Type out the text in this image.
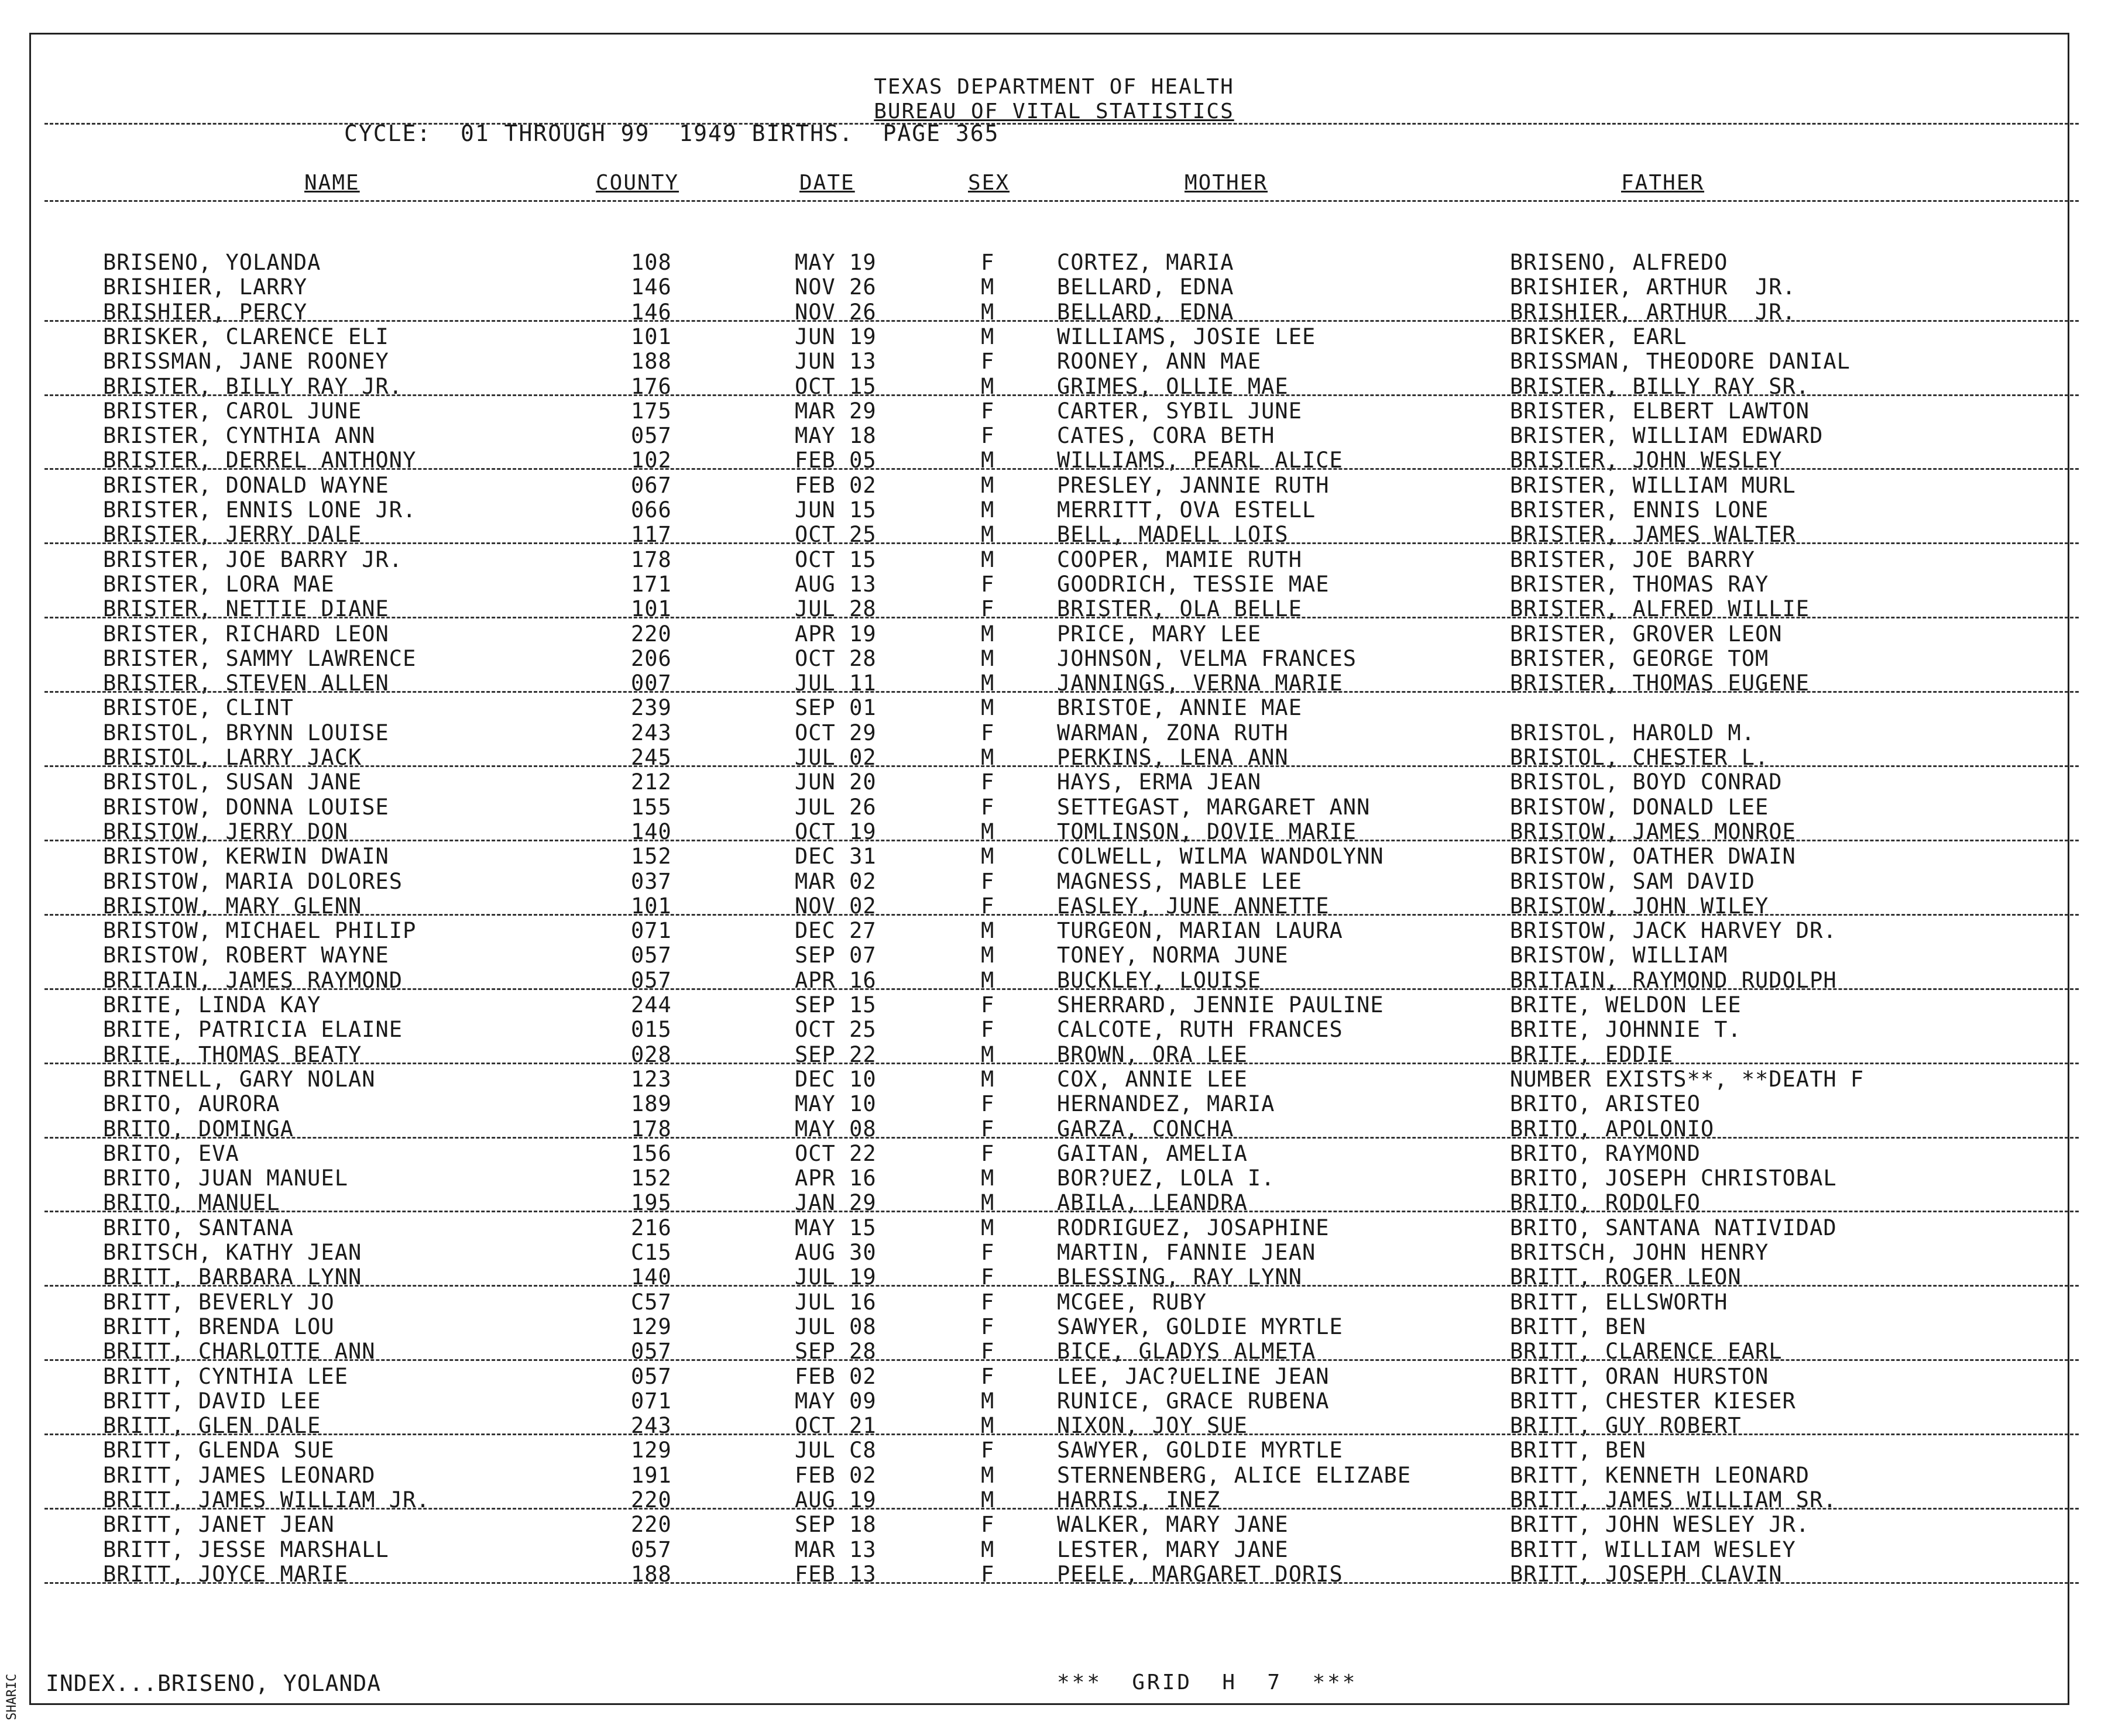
SHARIC
TEXAS DEPARTMENT OF HEALTH
BUREAU OF VITAL STATISTICS
CYCLE:  01 THROUGH 99  1949 BIRTHS.  PAGE 365
NAME	COUNTY	DATE	SEX	MOTHER	FATHER
BRISENO, YOLANDA	108	MAY 19	F	CORTEZ, MARIA	BRISENO, ALFREDO
BRISHIER, LARRY	146	NOV 26	M	BELLARD, EDNA	BRISHIER, ARTHUR  JR.
BRISHIER, PERCY	146	NOV 26	M	BELLARD, EDNA	BRISHIER, ARTHUR  JR.
BRISKER, CLARENCE ELI	101	JUN 19	M	WILLIAMS, JOSIE LEE	BRISKER, EARL
BRISSMAN, JANE ROONEY	188	JUN 13	F	ROONEY, ANN MAE	BRISSMAN, THEODORE DANIAL
BRISTER, BILLY RAY JR.	176	OCT 15	M	GRIMES, OLLIE MAE	BRISTER, BILLY RAY SR.
BRISTER, CAROL JUNE	175	MAR 29	F	CARTER, SYBIL JUNE	BRISTER, ELBERT LAWTON
BRISTER, CYNTHIA ANN	057	MAY 18	F	CATES, CORA BETH	BRISTER, WILLIAM EDWARD
BRISTER, DERREL ANTHONY	102	FEB 05	M	WILLIAMS, PEARL ALICE	BRISTER, JOHN WESLEY
BRISTER, DONALD WAYNE	067	FEB 02	M	PRESLEY, JANNIE RUTH	BRISTER, WILLIAM MURL
BRISTER, ENNIS LONE JR.	066	JUN 15	M	MERRITT, OVA ESTELL	BRISTER, ENNIS LONE
BRISTER, JERRY DALE	117	OCT 25	M	BELL, MADELL LOIS	BRISTER, JAMES WALTER
BRISTER, JOE BARRY JR.	178	OCT 15	M	COOPER, MAMIE RUTH	BRISTER, JOE BARRY
BRISTER, LORA MAE	171	AUG 13	F	GOODRICH, TESSIE MAE	BRISTER, THOMAS RAY
BRISTER, NETTIE DIANE	101	JUL 28	F	BRISTER, OLA BELLE	BRISTER, ALFRED WILLIE
BRISTER, RICHARD LEON	220	APR 19	M	PRICE, MARY LEE	BRISTER, GROVER LEON
BRISTER, SAMMY LAWRENCE	206	OCT 28	M	JOHNSON, VELMA FRANCES	BRISTER, GEORGE TOM
BRISTER, STEVEN ALLEN	007	JUL 11	M	JANNINGS, VERNA MARIE	BRISTER, THOMAS EUGENE
BRISTOE, CLINT	239	SEP 01	M	BRISTOE, ANNIE MAE
BRISTOL, BRYNN LOUISE	243	OCT 29	F	WARMAN, ZONA RUTH	BRISTOL, HAROLD M.
BRISTOL, LARRY JACK	245	JUL 02	M	PERKINS, LENA ANN	BRISTOL, CHESTER L.
BRISTOL, SUSAN JANE	212	JUN 20	F	HAYS, ERMA JEAN	BRISTOL, BOYD CONRAD
BRISTOW, DONNA LOUISE	155	JUL 26	F	SETTEGAST, MARGARET ANN	BRISTOW, DONALD LEE
BRISTOW, JERRY DON	140	OCT 19	M	TOMLINSON, DOVIE MARIE	BRISTOW, JAMES MONROE
BRISTOW, KERWIN DWAIN	152	DEC 31	M	COLWELL, WILMA WANDOLYNN	BRISTOW, OATHER DWAIN
BRISTOW, MARIA DOLORES	037	MAR 02	F	MAGNESS, MABLE LEE	BRISTOW, SAM DAVID
BRISTOW, MARY GLENN	101	NOV 02	F	EASLEY, JUNE ANNETTE	BRISTOW, JOHN WILEY
BRISTOW, MICHAEL PHILIP	071	DEC 27	M	TURGEON, MARIAN LAURA	BRISTOW, JACK HARVEY DR.
BRISTOW, ROBERT WAYNE	057	SEP 07	M	TONEY, NORMA JUNE	BRISTOW, WILLIAM
BRITAIN, JAMES RAYMOND	057	APR 16	M	BUCKLEY, LOUISE	BRITAIN, RAYMOND RUDOLPH
BRITE, LINDA KAY	244	SEP 15	F	SHERRARD, JENNIE PAULINE	BRITE, WELDON LEE
BRITE, PATRICIA ELAINE	015	OCT 25	F	CALCOTE, RUTH FRANCES	BRITE, JOHNNIE T.
BRITE, THOMAS BEATY	028	SEP 22	M	BROWN, ORA LEE	BRITE, EDDIE
BRITNELL, GARY NOLAN	123	DEC 10	M	COX, ANNIE LEE	NUMBER EXISTS**, **DEATH F
BRITO, AURORA	189	MAY 10	F	HERNANDEZ, MARIA	BRITO, ARISTEO
BRITO, DOMINGA	178	MAY 08	F	GARZA, CONCHA	BRITO, APOLONIO
BRITO, EVA	156	OCT 22	F	GAITAN, AMELIA	BRITO, RAYMOND
BRITO, JUAN MANUEL	152	APR 16	M	BOR?UEZ, LOLA I.	BRITO, JOSEPH CHRISTOBAL
BRITO, MANUEL	195	JAN 29	M	ABILA, LEANDRA	BRITO, RODOLFO
BRITO, SANTANA	216	MAY 15	M	RODRIGUEZ, JOSAPHINE	BRITO, SANTANA NATIVIDAD
BRITSCH, KATHY JEAN	C15	AUG 30	F	MARTIN, FANNIE JEAN	BRITSCH, JOHN HENRY
BRITT, BARBARA LYNN	140	JUL 19	F	BLESSING, RAY LYNN	BRITT, ROGER LEON
BRITT, BEVERLY JO	C57	JUL 16	F	MCGEE, RUBY	BRITT, ELLSWORTH
BRITT, BRENDA LOU	129	JUL 08	F	SAWYER, GOLDIE MYRTLE	BRITT, BEN
BRITT, CHARLOTTE ANN	057	SEP 28	F	BICE, GLADYS ALMETA	BRITT, CLARENCE EARL
BRITT, CYNTHIA LEE	057	FEB 02	F	LEE, JAC?UELINE JEAN	BRITT, ORAN HURSTON
BRITT, DAVID LEE	071	MAY 09	M	RUNICE, GRACE RUBENA	BRITT, CHESTER KIESER
BRITT, GLEN DALE	243	OCT 21	M	NIXON, JOY SUE	BRITT, GUY ROBERT
BRITT, GLENDA SUE	129	JUL C8	F	SAWYER, GOLDIE MYRTLE	BRITT, BEN
BRITT, JAMES LEONARD	191	FEB 02	M	STERNENBERG, ALICE ELIZABE	BRITT, KENNETH LEONARD
BRITT, JAMES WILLIAM JR.	220	AUG 19	M	HARRIS, INEZ	BRITT, JAMES WILLIAM SR.
BRITT, JANET JEAN	220	SEP 18	F	WALKER, MARY JANE	BRITT, JOHN WESLEY JR.
BRITT, JESSE MARSHALL	057	MAR 13	M	LESTER, MARY JANE	BRITT, WILLIAM WESLEY
BRITT, JOYCE MARIE	188	FEB 13	F	PEELE, MARGARET DORIS	BRITT, JOSEPH CLAVIN
INDEX...BRISENO, YOLANDA	***  GRID  H  7  ***
